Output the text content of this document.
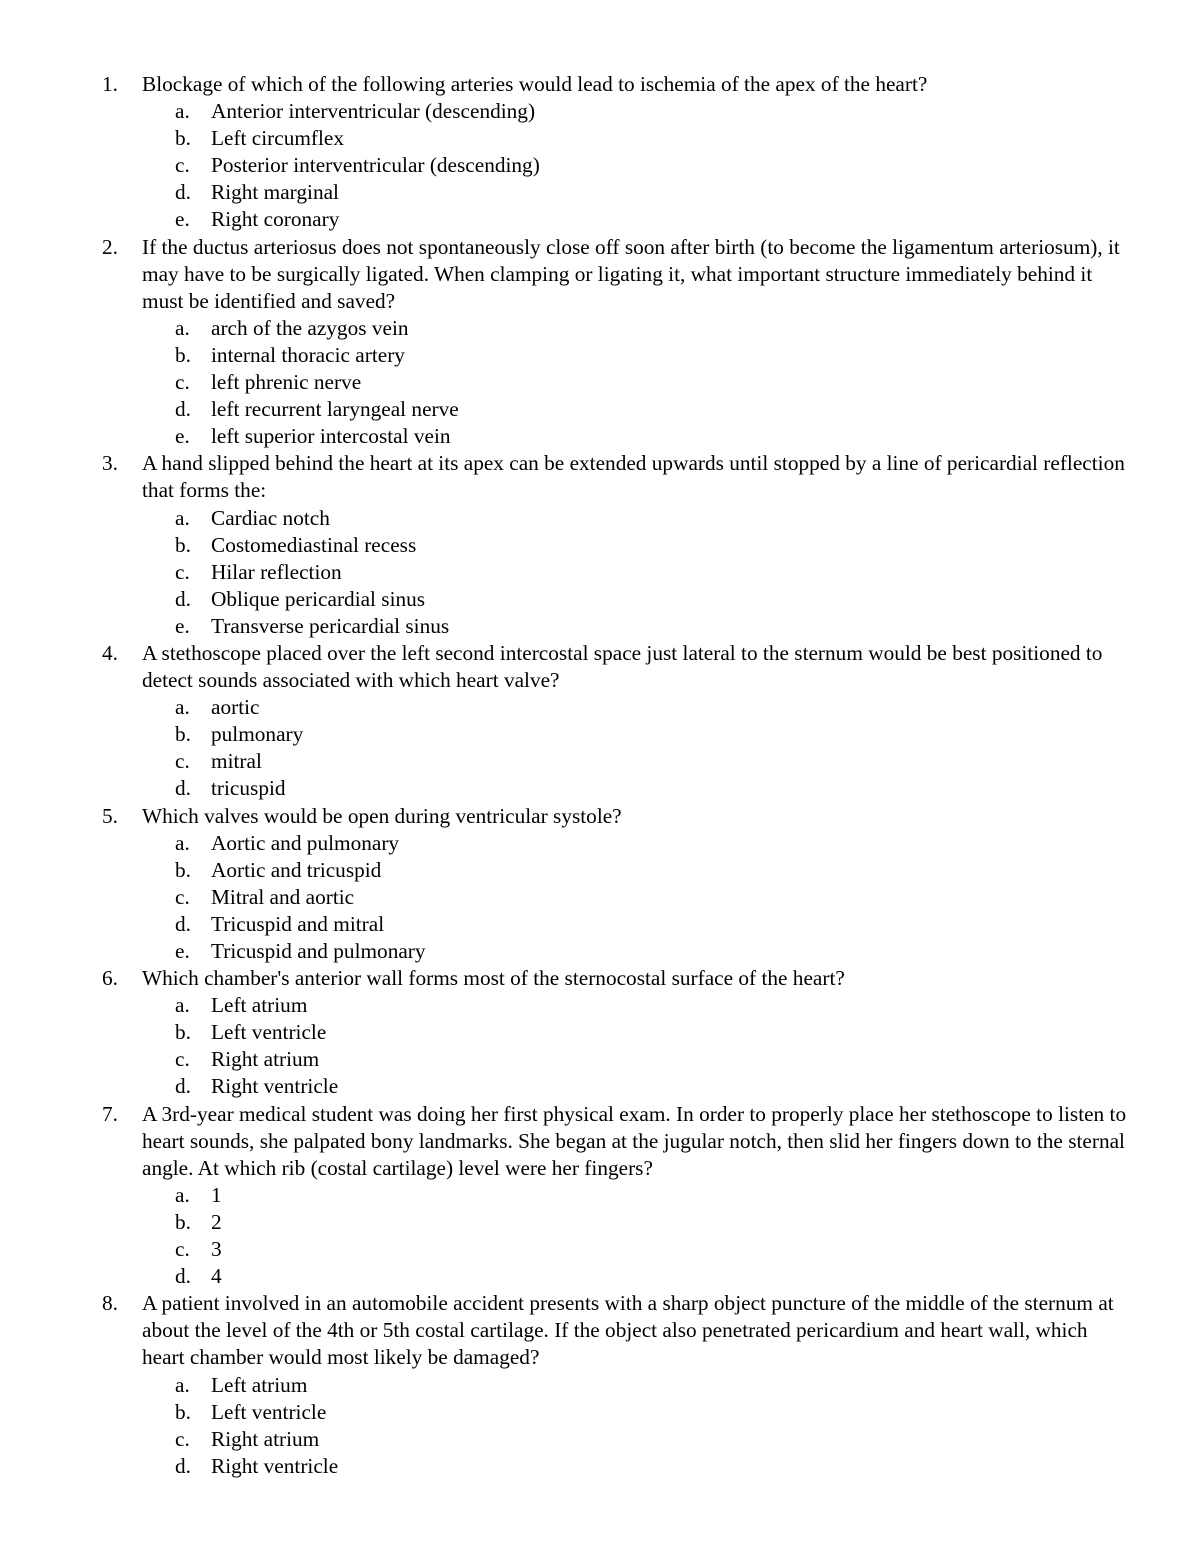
1.	Blockage of which of the following arteries would lead to ischemia of the apex of the heart?
a. Anterior interventricular (descending)
b. Left circumflex
c. Posterior interventricular (descending)
d. Right marginal
e. Right coronary
2.	If the ductus arteriosus does not spontaneously close off soon after birth (to become the ligamentum arteriosum), it may have to be surgically ligated. When clamping or ligating it, what important structure immediately behind it must be identified and saved?
a. arch of the azygos vein
b. internal thoracic artery
c. left phrenic nerve
d. left recurrent laryngeal nerve
e. left superior intercostal vein
3.	A hand slipped behind the heart at its apex can be extended upwards until stopped by a line of pericardial reflection that forms the:
a. Cardiac notch
b. Costomediastinal recess
c. Hilar reflection
d. Oblique pericardial sinus
e. Transverse pericardial sinus
4.	A stethoscope placed over the left second intercostal space just lateral to the sternum would be best positioned to detect sounds associated with which heart valve?
a. aortic
b. pulmonary
c. mitral
d. tricuspid
5.	Which valves would be open during ventricular systole?
a. Aortic and pulmonary
b. Aortic and tricuspid
c. Mitral and aortic
d. Tricuspid and mitral
e. Tricuspid and pulmonary
6.	Which chamber's anterior wall forms most of the sternocostal surface of the heart?
a. Left atrium
b. Left ventricle
c. Right atrium
d. Right ventricle
7.	A 3rd-year medical student was doing her first physical exam. In order to properly place her stethoscope to listen to heart sounds, she palpated bony landmarks. She began at the jugular notch, then slid her fingers down to the sternal angle. At which rib (costal cartilage) level were her fingers?
a. 1
b. 2
c. 3
d. 4
8.	A patient involved in an automobile accident presents with a sharp object puncture of the middle of the sternum at about the level of the 4th or 5th costal cartilage. If the object also penetrated pericardium and heart wall, which heart chamber would most likely be damaged?
a. Left atrium
b. Left ventricle
c. Right atrium
d. Right ventricle
